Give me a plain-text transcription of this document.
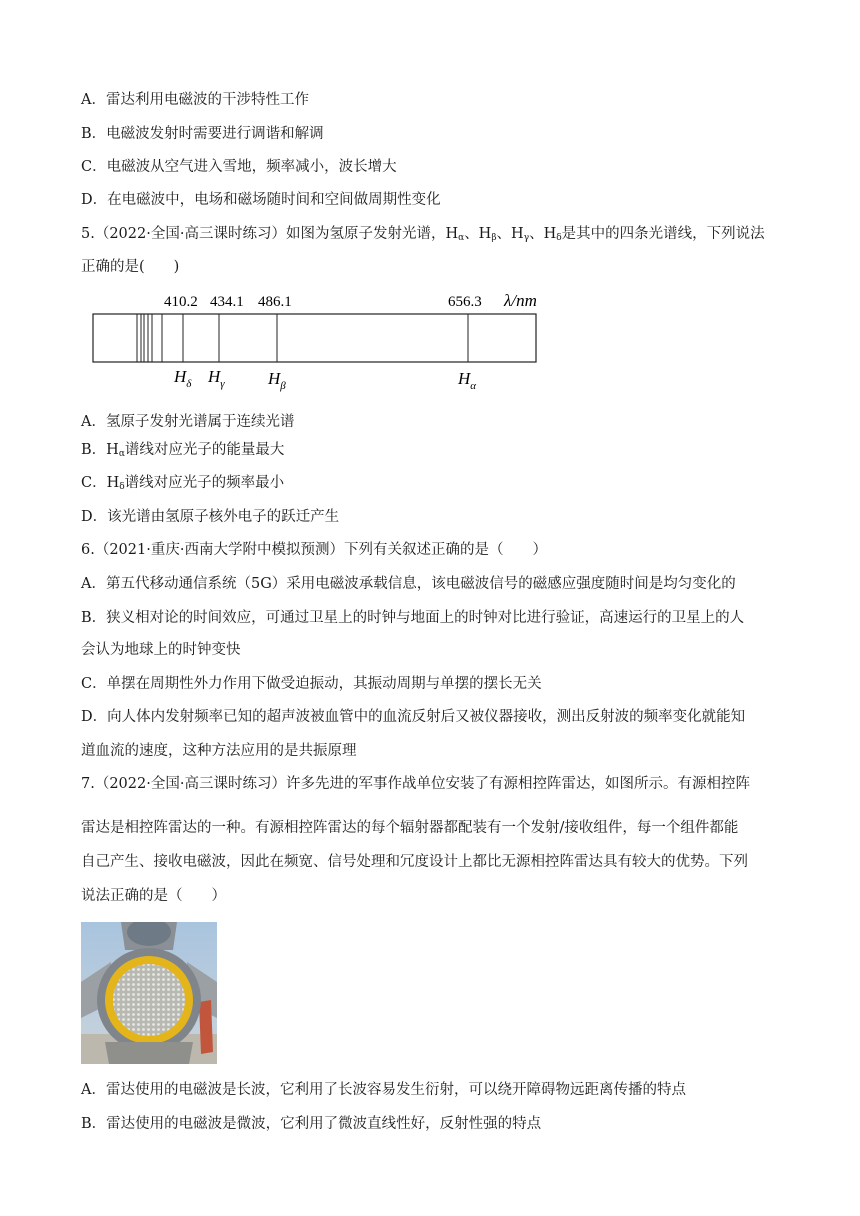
A．雷达利用电磁波的干涉特性工作
B．电磁波发射时需要进行调谐和解调
C．电磁波从空气进入雪地，频率减小，波长增大
D．在电磁波中，电场和磁场随时间和空间做周期性变化
5.（2022·全国·高三课时练习）如图为氢原子发射光谱，$H_\alpha$、$H_\beta$、$H_\gamma$、$H_\delta$是其中的四条光谱线，下列说法
正确的是(　　)
410.2 434.1 486.1	656.3 λ/nm
$H_\delta$ $H_\gamma$	$H_\beta$	$H_\alpha$
A．氢原子发射光谱属于连续光谱
B．$H_\alpha$谱线对应光子的能量最大
C．$H_\delta$谱线对应光子的频率最小
D．该光谱由氢原子核外电子的跃迁产生
6.（2021·重庆·西南大学附中模拟预测）下列有关叙述正确的是（　　）
A．第五代移动通信系统（5G）采用电磁波承载信息，该电磁波信号的磁感应强度随时间是均匀变化的
B．狭义相对论的时间效应，可通过卫星上的时钟与地面上的时钟对比进行验证，高速运行的卫星上的人
会认为地球上的时钟变快
C．单摆在周期性外力作用下做受迫振动，其振动周期与单摆的摆长无关
D．向人体内发射频率已知的超声波被血管中的血流反射后又被仪器接收，测出反射波的频率变化就能知
道血流的速度，这种方法应用的是共振原理
7.（2022·全国·高三课时练习）许多先进的军事作战单位安装了有源相控阵雷达，如图所示。有源相控阵
雷达是相控阵雷达的一种。有源相控阵雷达的每个辐射器都配装有一个发射/接收组件，每一个组件都能
自己产生、接收电磁波，因此在频宽、信号处理和冗度设计上都比无源相控阵雷达具有较大的优势。下列
说法正确的是（　　）
A．雷达使用的电磁波是长波，它利用了长波容易发生衍射，可以绕开障碍物远距离传播的特点
B．雷达使用的电磁波是微波，它利用了微波直线性好，反射性强的特点
